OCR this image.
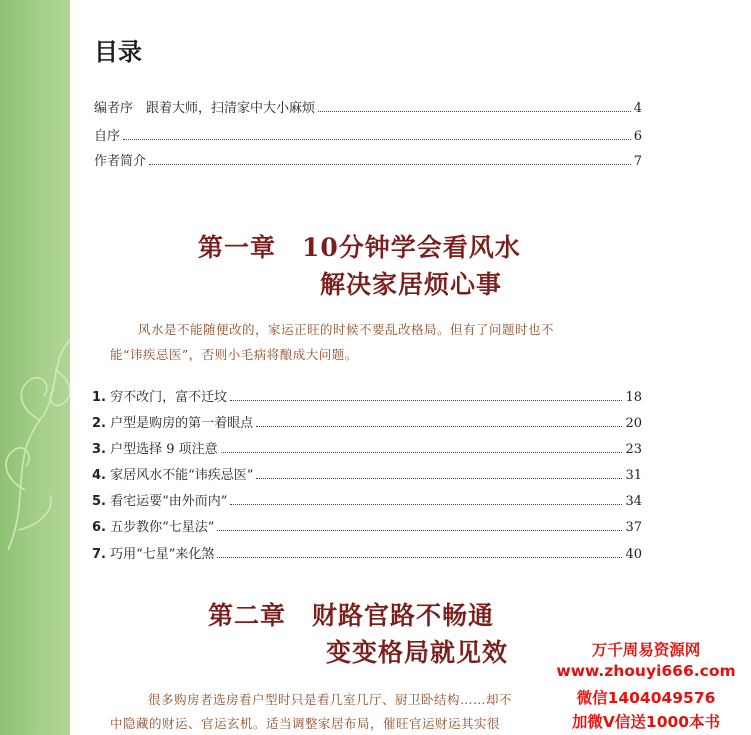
目录
编者序　跟着大师，扫清家中大小麻烦	4
自序	6
作者简介	7
第一章　10分钟学会看风水
解决家居烦心事
风水是不能随便改的，家运正旺的时候不要乱改格局。但有了问题时也不
能“讳疾忌医”，否则小毛病将酿成大问题。
1. 穷不改门，富不迁坟	18
2. 户型是购房的第一着眼点	20
3. 户型选择 9 项注意	23
4. 家居风水不能“讳疾忌医”	31
5. 看宅运要“由外而内”	34
6. 五步教你“七星法”	37
7. 巧用“七星”来化煞	40
第二章　财路官路不畅通
变变格局就见效
很多购房者选房看户型时只是看几室几厅、厨卫卧结构……却不
中隐藏的财运、官运玄机。适当调整家居布局，催旺官运财运其实很
万千周易资源网
www.zhouyi666.com
微信1404049576
加微V信送1000本书
